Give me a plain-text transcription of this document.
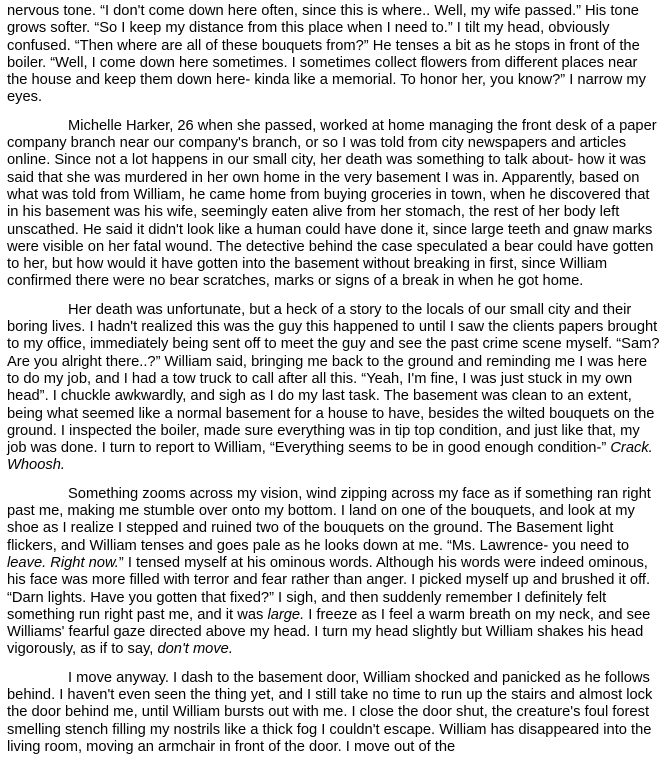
nervous tone. “I don't come down here often, since this is where.. Well, my wife passed.” His tone grows softer. “So I keep my distance from this place when I need to.” I tilt my head, obviously confused. “Then where are all of these bouquets from?” He tenses a bit as he stops in front of the boiler. “Well, I come down here sometimes. I sometimes collect flowers from different places near the house and keep them down here- kinda like a memorial. To honor her, you know?” I narrow my eyes.

Michelle Harker, 26 when she passed, worked at home managing the front desk of a paper company branch near our company's branch, or so I was told from city newspapers and articles online. Since not a lot happens in our small city, her death was something to talk about- how it was said that she was murdered in her own home in the very basement I was in. Apparently, based on what was told from William, he came home from buying groceries in town, when he discovered that in his basement was his wife, seemingly eaten alive from her stomach, the rest of her body left unscathed. He said it didn't look like a human could have done it, since large teeth and gnaw marks were visible on her fatal wound. The detective behind the case speculated a bear could have gotten to her, but how would it have gotten into the basement without breaking in first, since William confirmed there were no bear scratches, marks or signs of a break in when he got home.

Her death was unfortunate, but a heck of a story to the locals of our small city and their boring lives. I hadn't realized this was the guy this happened to until I saw the clients papers brought to my office, immediately being sent off to meet the guy and see the past crime scene myself. “Sam? Are you alright there..?” William said, bringing me back to the ground and reminding me I was here to do my job, and I had a tow truck to call after all this. “Yeah, I'm fine, I was just stuck in my own head”. I chuckle awkwardly, and sigh as I do my last task. The basement was clean to an extent, being what seemed like a normal basement for a house to have, besides the wilted bouquets on the ground. I inspected the boiler, made sure everything was in tip top condition, and just like that, my job was done. I turn to report to William, “Everything seems to be in good enough condition-” Crack. Whoosh.

Something zooms across my vision, wind zipping across my face as if something ran right past me, making me stumble over onto my bottom. I land on one of the bouquets, and look at my shoe as I realize I stepped and ruined two of the bouquets on the ground. The Basement light flickers, and William tenses and goes pale as he looks down at me. “Ms. Lawrence- you need to leave. Right now.” I tensed myself at his ominous words. Although his words were indeed ominous, his face was more filled with terror and fear rather than anger. I picked myself up and brushed it off.  “Darn lights. Have you gotten that fixed?” I sigh, and then suddenly remember I definitely felt something run right past me, and it was large. I freeze as I feel a warm breath on my neck, and see Williams' fearful gaze directed above my head. I turn my head slightly but William shakes his head vigorously, as if to say, don't move.

I move anyway. I dash to the basement door, William shocked and panicked as he follows behind. I haven't even seen the thing yet, and I still take no time to run up the stairs and almost lock the door behind me, until William bursts out with me. I close the door shut, the creature's foul forest smelling stench filling my nostrils like a thick fog I couldn't escape. William has disappeared into the living room, moving an armchair in front of the door. I move out of the
